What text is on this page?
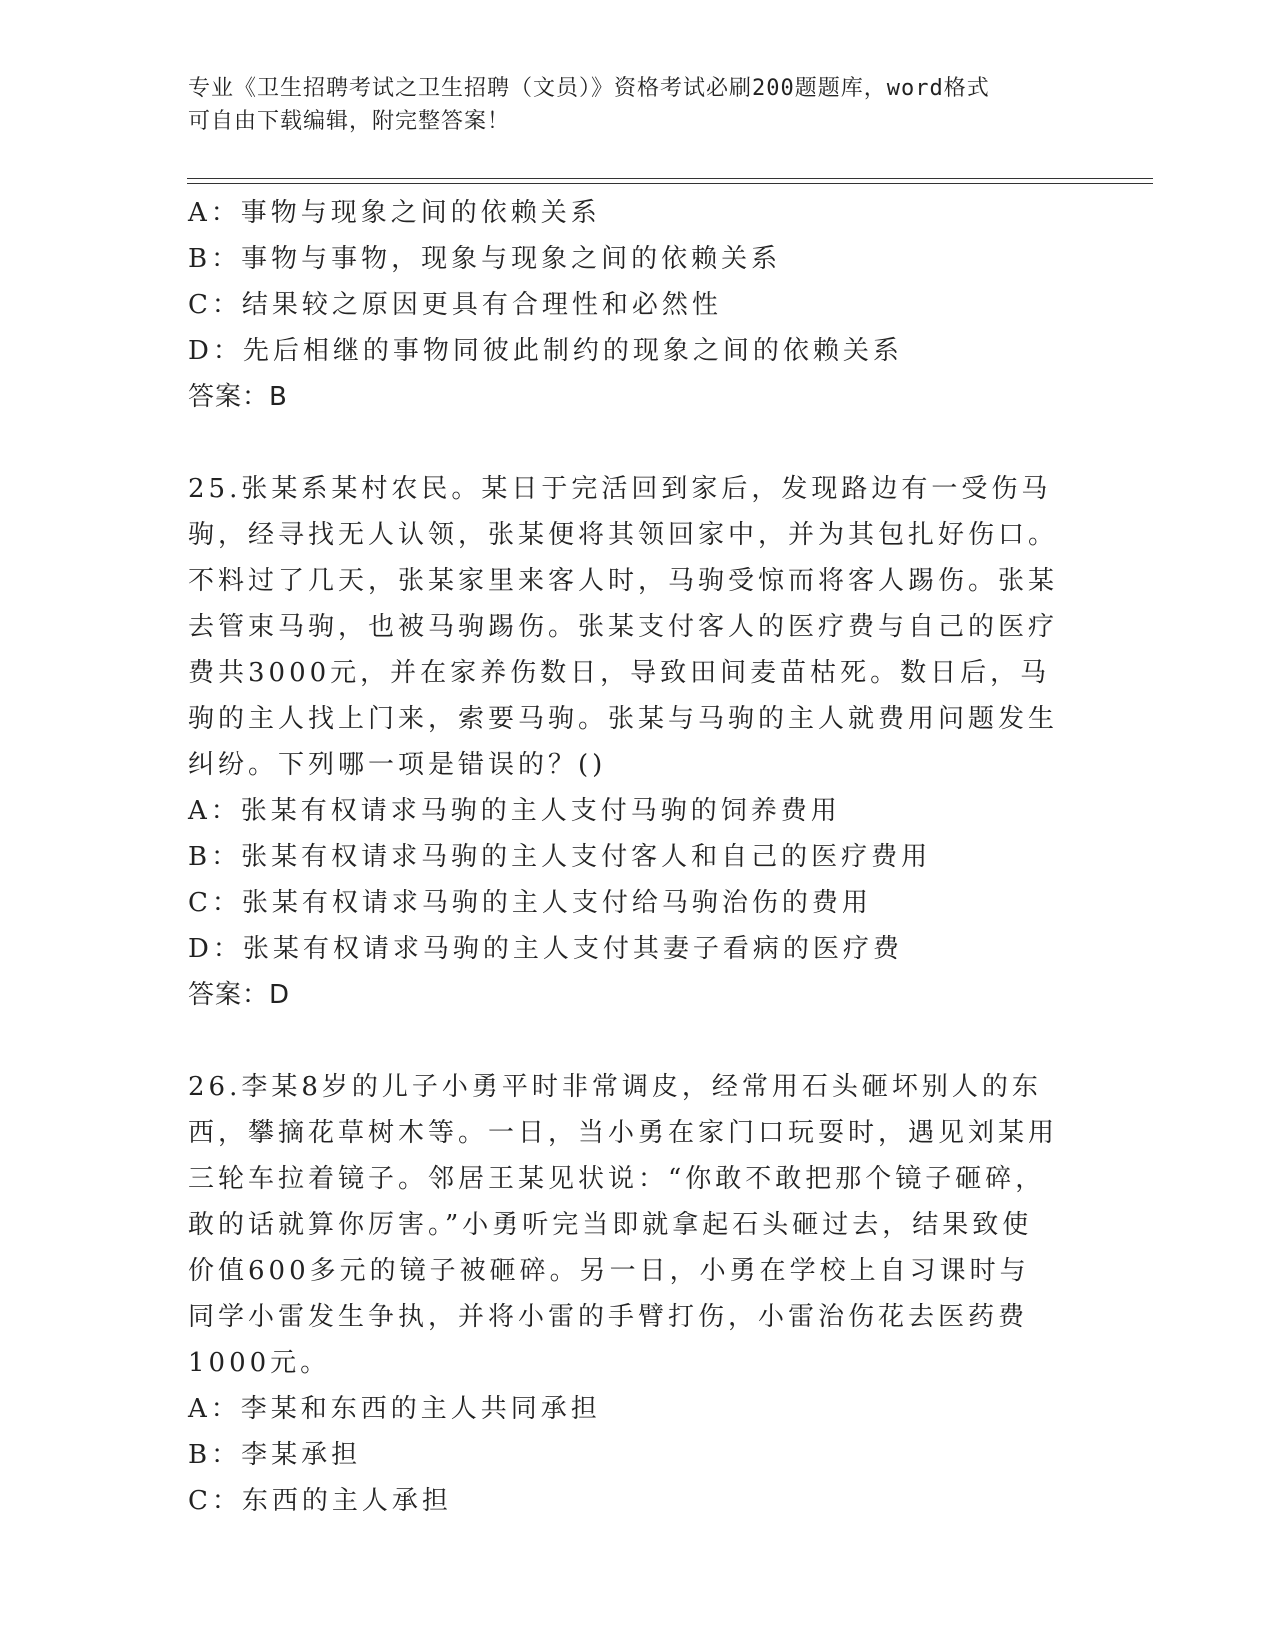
专业《卫生招聘考试之卫生招聘（文员）》资格考试必刷200题题库，word格式
可自由下载编辑，附完整答案！
A：事物与现象之间的依赖关系
B：事物与事物，现象与现象之间的依赖关系
C：结果较之原因更具有合理性和必然性
D：先后相继的事物同彼此制约的现象之间的依赖关系
答案：B
25.张某系某村农民。某日于完活回到家后，发现路边有一受伤马驹，经寻找无人认领，张某便将其领回家中，并为其包扎好伤口。不料过了几天，张某家里来客人时，马驹受惊而将客人踢伤。张某去管束马驹，也被马驹踢伤。张某支付客人的医疗费与自己的医疗费共3000元，并在家养伤数日，导致田间麦苗枯死。数日后，马驹的主人找上门来，索要马驹。张某与马驹的主人就费用问题发生纠纷。下列哪一项是错误的？()
A：张某有权请求马驹的主人支付马驹的饲养费用
B：张某有权请求马驹的主人支付客人和自己的医疗费用
C：张某有权请求马驹的主人支付给马驹治伤的费用
D：张某有权请求马驹的主人支付其妻子看病的医疗费
答案：D
26.李某8岁的儿子小勇平时非常调皮，经常用石头砸坏别人的东西，攀摘花草树木等。一日，当小勇在家门口玩耍时，遇见刘某用三轮车拉着镜子。邻居王某见状说：“你敢不敢把那个镜子砸碎，敢的话就算你厉害。”小勇听完当即就拿起石头砸过去，结果致使价值600多元的镜子被砸碎。另一日，小勇在学校上自习课时与同学小雷发生争执，并将小雷的手臂打伤，小雷治伤花去医药费1000元。
A：李某和东西的主人共同承担
B：李某承担
C：东西的主人承担
